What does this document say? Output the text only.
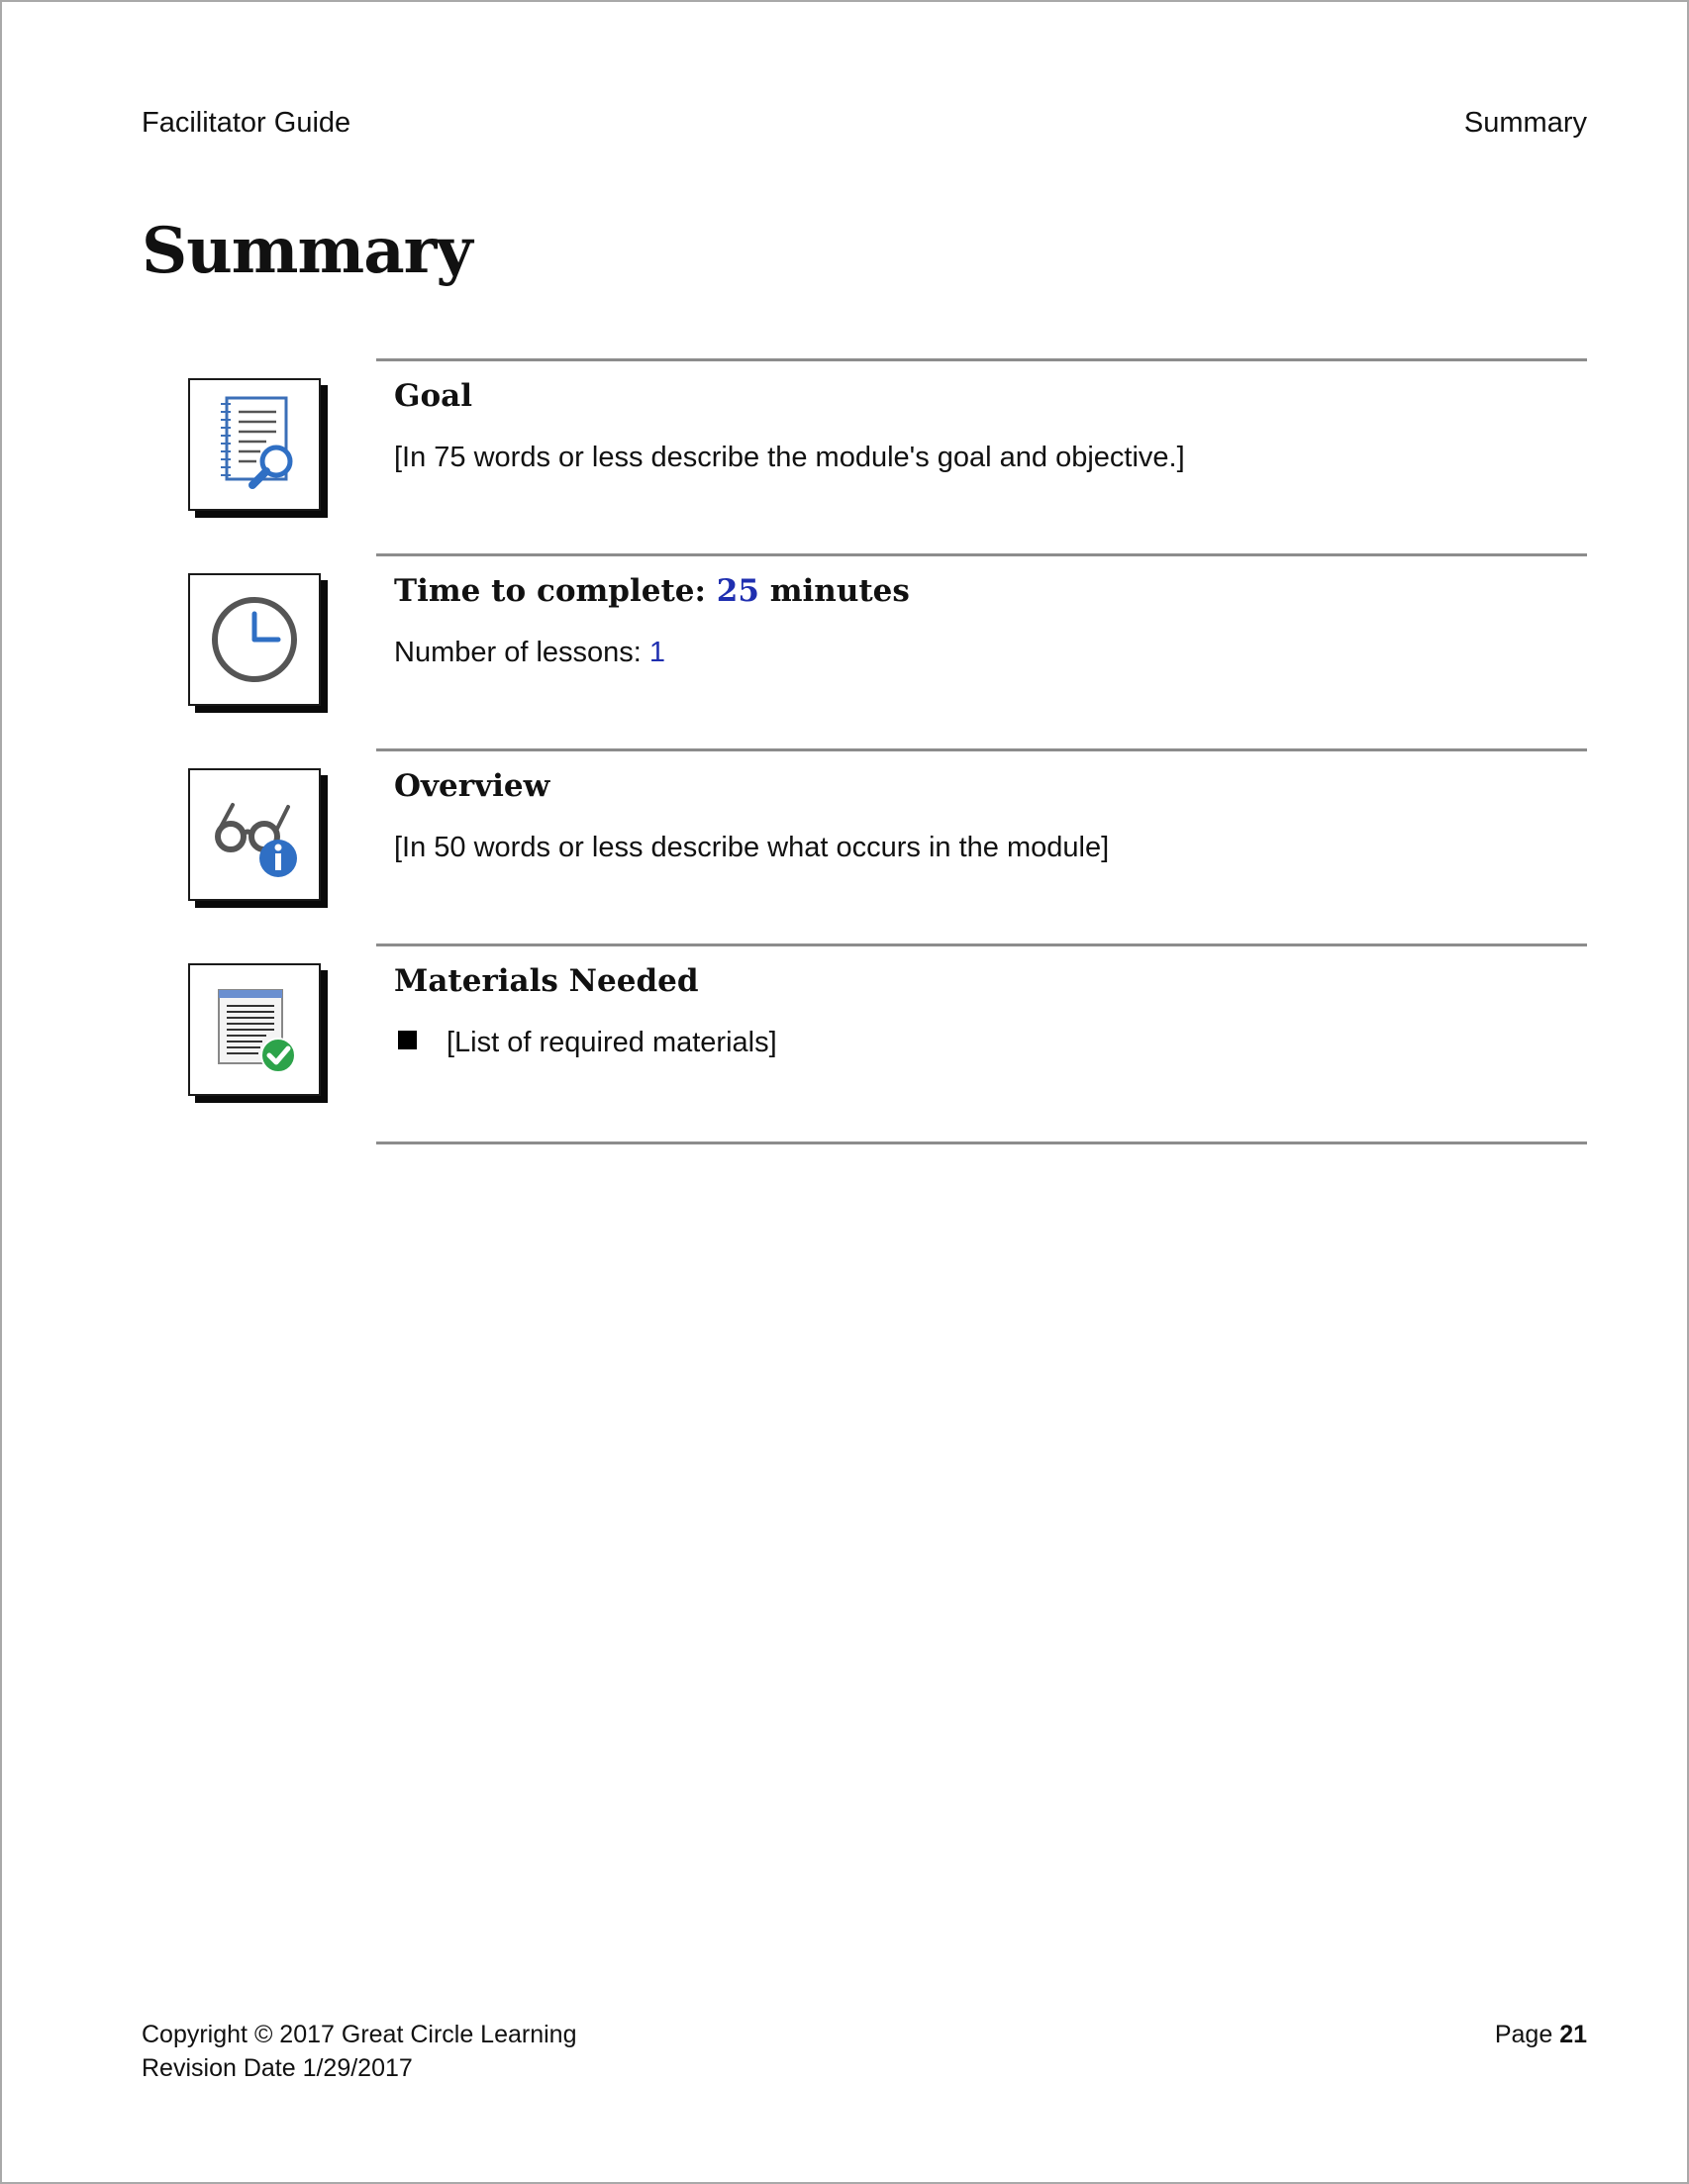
Facilitator Guide	Summary
Summary
Goal
[In 75 words or less describe the module's goal and objective.]
Time to complete: 25 minutes
Number of lessons: 1
Overview
[In 50 words or less describe what occurs in the module]
Materials Needed
[List of required materials]
Copyright © 2017 Great Circle Learning
Revision Date 1/29/2017
Page 21
